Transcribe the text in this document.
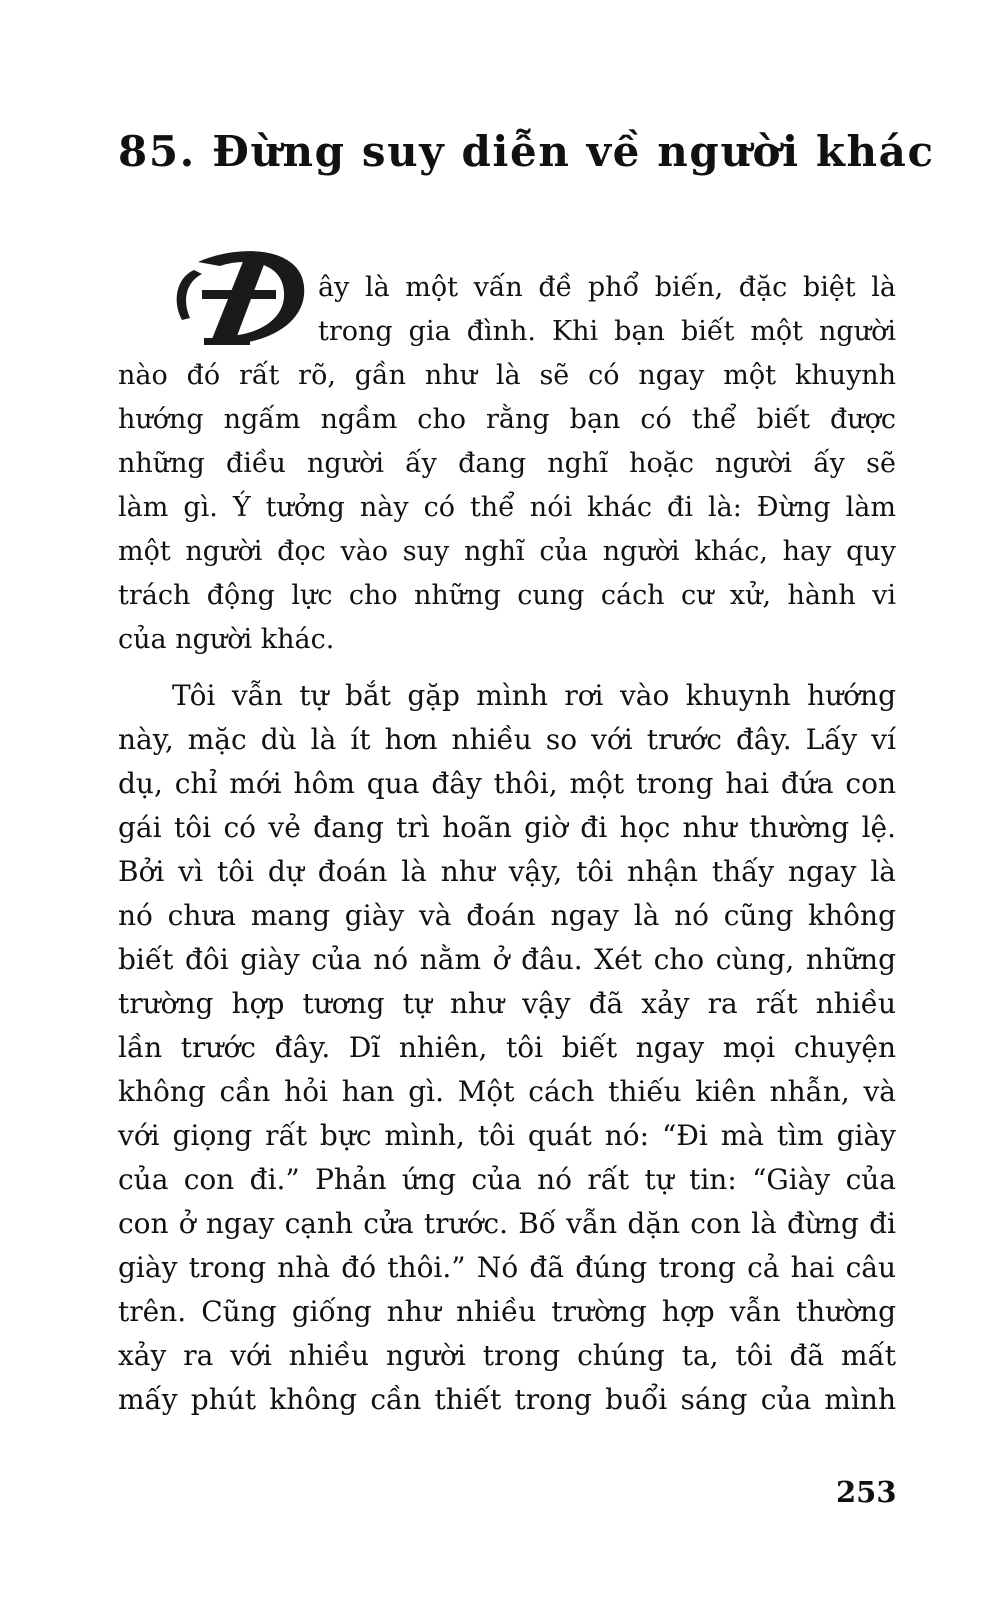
85. Đừng suy diễn về người khác
ây là một vấn đề phổ biến, đặc biệt là
trong gia đình. Khi bạn biết một người
nào đó rất rõ, gần như là sẽ có ngay một khuynh
hướng ngấm ngầm cho rằng bạn có thể biết được
những điều người ấy đang nghĩ hoặc người ấy sẽ
làm gì. Ý tưởng này có thể nói khác đi là: Đừng làm
một người đọc vào suy nghĩ của người khác, hay quy
trách động lực cho những cung cách cư xử, hành vi
của người khác.
Tôi vẫn tự bắt gặp mình rơi vào khuynh hướng
này, mặc dù là ít hơn nhiều so với trước đây. Lấy ví
dụ, chỉ mới hôm qua đây thôi, một trong hai đứa con
gái tôi có vẻ đang trì hoãn giờ đi học như thường lệ.
Bởi vì tôi dự đoán là như vậy, tôi nhận thấy ngay là
nó chưa mang giày và đoán ngay là nó cũng không
biết đôi giày của nó nằm ở đâu. Xét cho cùng, những
trường hợp tương tự như vậy đã xảy ra rất nhiều
lần trước đây. Dĩ nhiên, tôi biết ngay mọi chuyện
không cần hỏi han gì. Một cách thiếu kiên nhẫn, và
với giọng rất bực mình, tôi quát nó: “Đi mà tìm giày
của con đi.” Phản ứng của nó rất tự tin: “Giày của
con ở ngay cạnh cửa trước. Bố vẫn dặn con là đừng đi
giày trong nhà đó thôi.” Nó đã đúng trong cả hai câu
trên. Cũng giống như nhiều trường hợp vẫn thường
xảy ra với nhiều người trong chúng ta, tôi đã mất
mấy phút không cần thiết trong buổi sáng của mình
253
